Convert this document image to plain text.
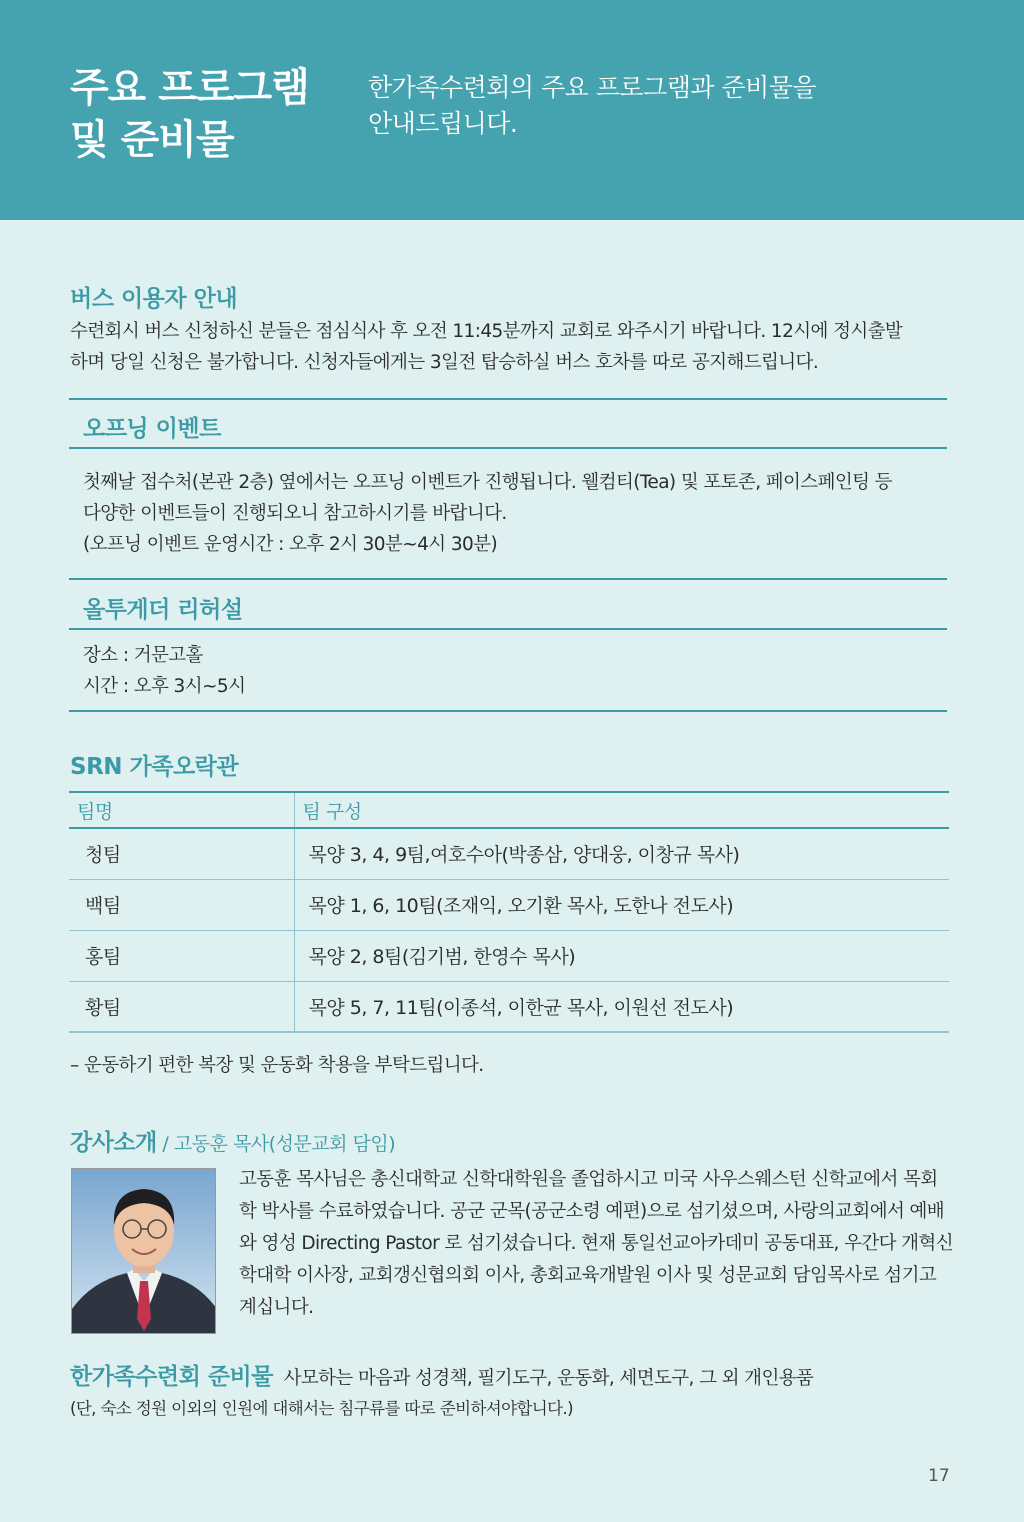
주요 프로그램
및 준비물
한가족수련회의 주요 프로그램과 준비물을
안내드립니다.
버스 이용자 안내
수련회시 버스 신청하신 분들은 점심식사 후 오전 11:45분까지 교회로 와주시기 바랍니다. 12시에 정시출발
하며 당일 신청은 불가합니다. 신청자들에게는 3일전 탑승하실 버스 호차를 따로 공지해드립니다.
오프닝 이벤트
첫째날 접수처(본관 2층) 옆에서는 오프닝 이벤트가 진행됩니다. 웰컴티(Tea) 및 포토존, 페이스페인팅 등
다양한 이벤트들이 진행되오니 참고하시기를 바랍니다.
(오프닝 이벤트 운영시간 : 오후 2시 30분~4시 30분)
올투게더 리허설
장소 : 거문고홀
시간 : 오후 3시~5시
SRN 가족오락관
팀명	팀 구성
청팀	목양 3, 4, 9팀,여호수아(박종삼, 양대웅, 이창규 목사)
백팀	목양 1, 6, 10팀(조재익, 오기환 목사, 도한나 전도사)
홍팀	목양 2, 8팀(김기범, 한영수 목사)
황팀	목양 5, 7, 11팀(이종석, 이한균 목사, 이원선 전도사)
– 운동하기 편한 복장 및 운동화 착용을 부탁드립니다.
강사소개 / 고동훈 목사(성문교회 담임)
고동훈 목사님은 총신대학교 신학대학원을 졸업하시고 미국 사우스웨스턴 신학교에서 목회
학 박사를 수료하였습니다. 공군 군목(공군소령 예편)으로 섬기셨으며, 사랑의교회에서 예배
와 영성 Directing Pastor 로 섬기셨습니다. 현재 통일선교아카데미 공동대표, 우간다 개혁신
학대학 이사장, 교회갱신협의회 이사, 총회교육개발원 이사 및 성문교회 담임목사로 섬기고
계십니다.
한가족수련회 준비물 사모하는 마음과 성경책, 필기도구, 운동화, 세면도구, 그 외 개인용품
(단, 숙소 정원 이외의 인원에 대해서는 침구류를 따로 준비하셔야합니다.)
17
